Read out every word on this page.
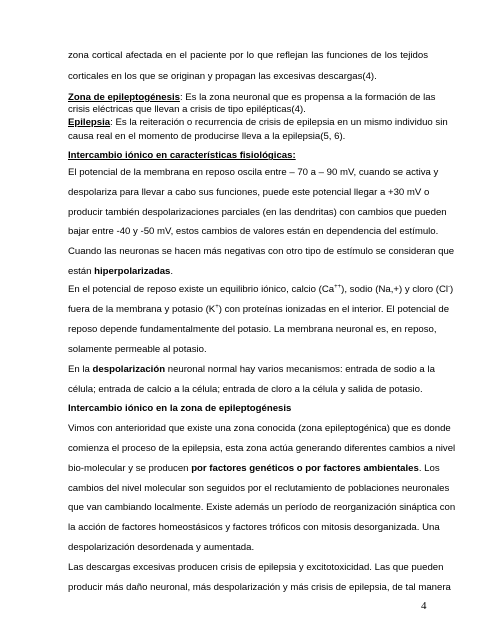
zona cortical afectada en el paciente por lo que reflejan las funciones de los tejidos
corticales en los que se originan y propagan las excesivas descargas(4).
Zona de epileptogénesis: Es la zona neuronal que es propensa a la formación de las
crisis eléctricas que llevan a crisis de tipo epilépticas(4).
Epilepsia: Es la reiteración o recurrencia de crisis de epilepsia en un mismo individuo sin
causa real en el momento de producirse lleva a la epilepsia(5, 6).
Intercambio iónico en características fisiológicas:
El potencial de la membrana en reposo oscila entre – 70 a – 90 mV, cuando se activa y
despolariza para llevar a cabo sus funciones, puede este potencial llegar a +30 mV o
producir también despolarizaciones parciales (en las dendritas) con cambios que pueden
bajar entre -40 y -50 mV, estos cambios de valores están en dependencia del estímulo.
Cuando las neuronas se hacen más negativas con otro tipo de estímulo se consideran que
están hiperpolarizadas.
En el potencial de reposo existe un equilibrio iónico, calcio (Ca++), sodio (Na,+) y cloro (Cl-)
fuera de la membrana y potasio (K+) con proteínas ionizadas en el interior. El potencial de
reposo depende fundamentalmente del potasio. La membrana neuronal es, en reposo,
solamente permeable al potasio.
En la despolarización neuronal normal hay varios mecanismos: entrada de sodio a la
célula; entrada de calcio a la célula; entrada de cloro a la célula y salida de potasio.
Intercambio iónico en la zona de epileptogénesis
Vimos con anterioridad que existe una zona conocida (zona epileptogénica) que es donde
comienza el proceso de la epilepsia, esta zona actúa generando diferentes cambios a nivel
bio-molecular y se producen por factores genéticos o por factores ambientales. Los
cambios del nivel molecular son seguidos por el reclutamiento de poblaciones neuronales
que van cambiando localmente. Existe además un período de reorganización sináptica con
la acción de factores homeostásicos y factores tróficos con mitosis desorganizada. Una
despolarización desordenada y aumentada.
Las descargas excesivas producen crisis de epilepsia y excitotoxicidad. Las que pueden
producir más daño neuronal, más despolarización y más crisis de epilepsia, de tal manera
4
